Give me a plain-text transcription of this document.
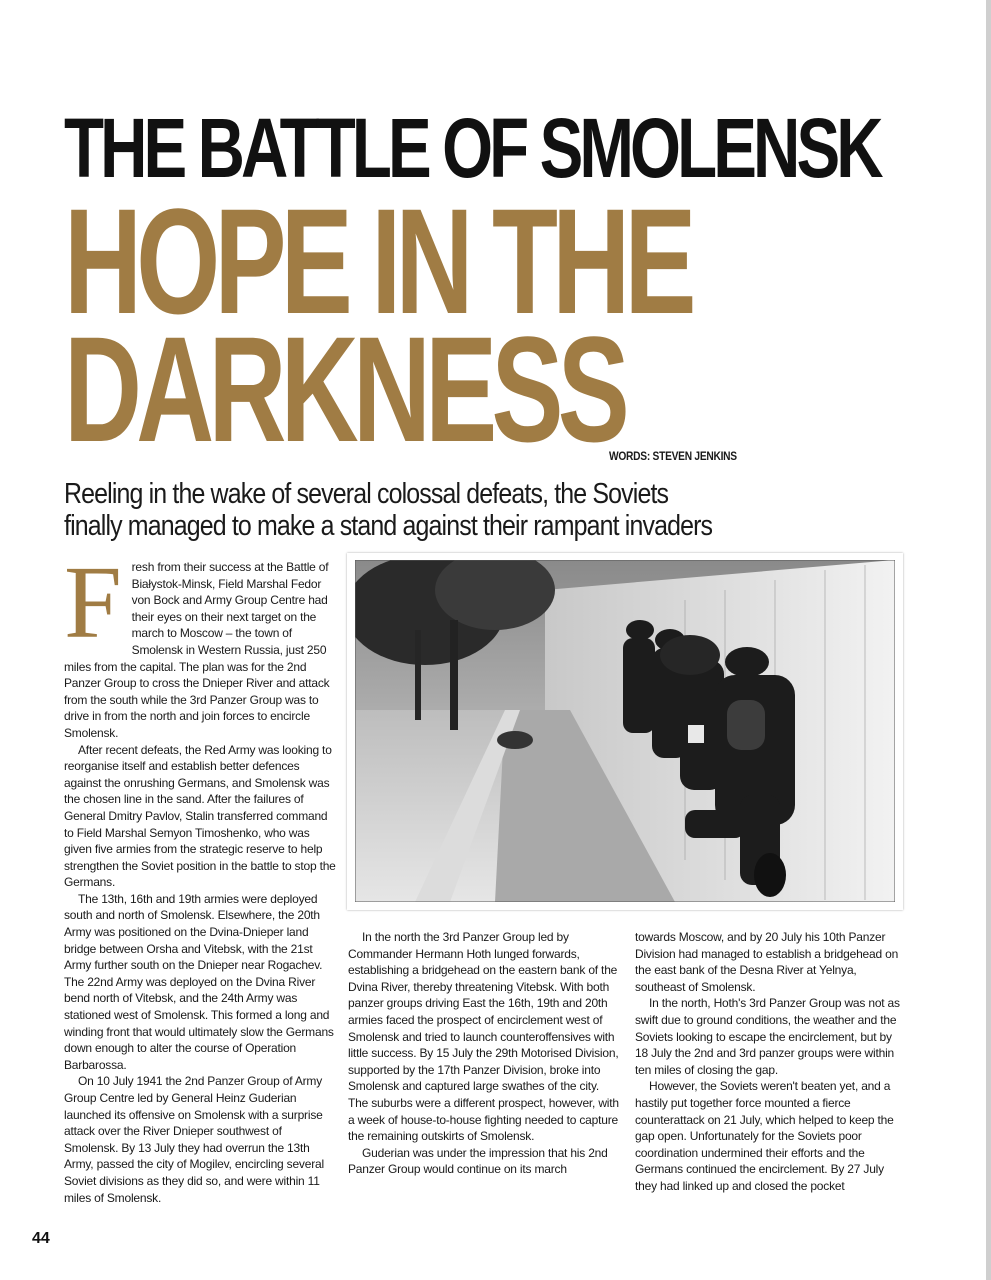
THE BATTLE OF SMOLENSK
HOPE IN THE
DARKNESS
WORDS: STEVEN JENKINS
Reeling in the wake of several colossal defeats, the Soviets finally managed to make a stand against their rampant invaders

Fresh from their success at the Battle of Białystok-Minsk, Field Marshal Fedor von Bock and Army Group Centre had their eyes on their next target on the march to Moscow – the town of Smolensk in Western Russia, just 250 miles from the capital. The plan was for the 2nd Panzer Group to cross the Dnieper River and attack from the south while the 3rd Panzer Group was to drive in from the north and join forces to encircle Smolensk.

After recent defeats, the Red Army was looking to reorganise itself and establish better defences against the onrushing Germans, and Smolensk was the chosen line in the sand. After the failures of General Dmitry Pavlov, Stalin transferred command to Field Marshal Semyon Timoshenko, who was given five armies from the strategic reserve to help strengthen the Soviet position in the battle to stop the Germans.

The 13th, 16th and 19th armies were deployed south and north of Smolensk. Elsewhere, the 20th Army was positioned on the Dvina-Dnieper land bridge between Orsha and Vitebsk, with the 21st Army further south on the Dnieper near Rogachev. The 22nd Army was deployed on the Dvina River bend north of Vitebsk, and the 24th Army was stationed west of Smolensk. This formed a long and winding front that would ultimately slow the Germans down enough to alter the course of Operation Barbarossa.

On 10 July 1941 the 2nd Panzer Group of Army Group Centre led by General Heinz Guderian launched its offensive on Smolensk with a surprise attack over the River Dnieper southwest of Smolensk. By 13 July they had overrun the 13th Army, passed the city of Mogilev, encircling several Soviet divisions as they did so, and were within 11 miles of Smolensk.

In the north the 3rd Panzer Group led by Commander Hermann Hoth lunged forwards, establishing a bridgehead on the eastern bank of the Dvina River, thereby threatening Vitebsk. With both panzer groups driving East the 16th, 19th and 20th armies faced the prospect of encirclement west of Smolensk and tried to launch counteroffensives with little success. By 15 July the 29th Motorised Division, supported by the 17th Panzer Division, broke into Smolensk and captured large swathes of the city. The suburbs were a different prospect, however, with a week of house-to-house fighting needed to capture the remaining outskirts of Smolensk.

Guderian was under the impression that his 2nd Panzer Group would continue on its march

towards Moscow, and by 20 July his 10th Panzer Division had managed to establish a bridgehead on the east bank of the Desna River at Yelnya, southeast of Smolensk.

In the north, Hoth's 3rd Panzer Group was not as swift due to ground conditions, the weather and the Soviets looking to escape the encirclement, but by 18 July the 2nd and 3rd panzer groups were within ten miles of closing the gap.

However, the Soviets weren't beaten yet, and a hastily put together force mounted a fierce counterattack on 21 July, which helped to keep the gap open. Unfortunately for the Soviets poor coordination undermined their efforts and the Germans continued the encirclement. By 27 July they had linked up and closed the pocket

44
